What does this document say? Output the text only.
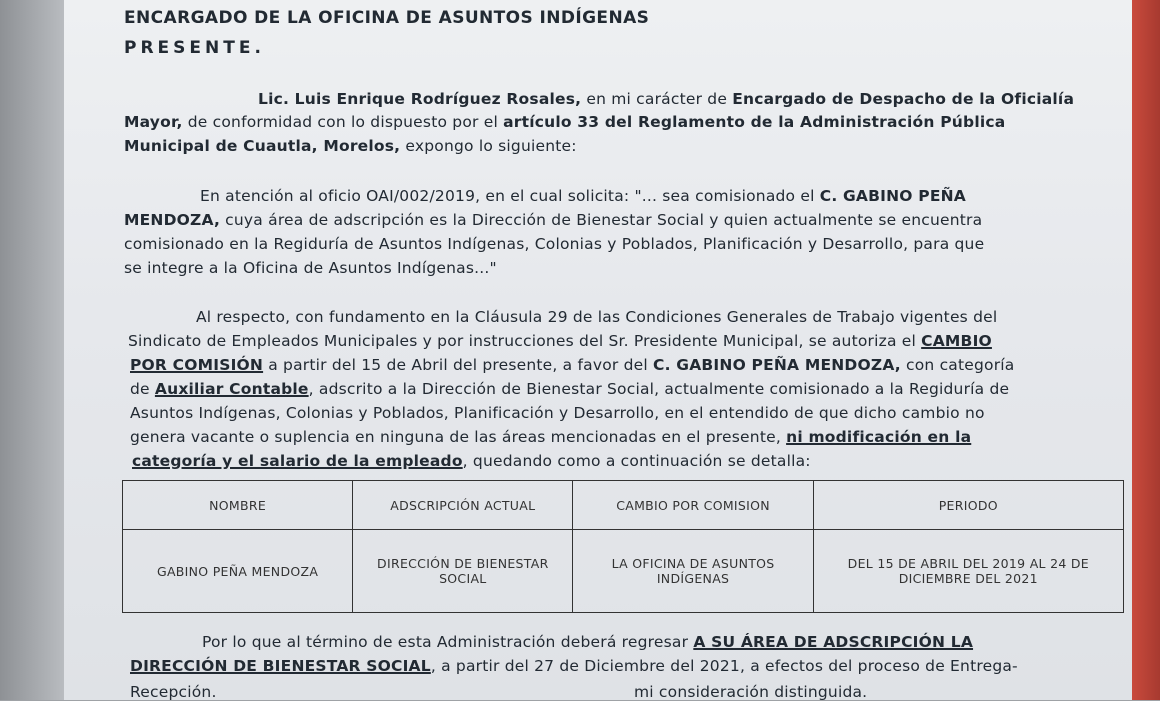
ENCARGADO DE LA OFICINA DE ASUNTOS INDÍGENAS
PRESENTE.
Lic. Luis Enrique Rodríguez Rosales, en mi carácter de Encargado de Despacho de la Oficialía
Mayor, de conformidad con lo dispuesto por el artículo 33 del Reglamento de la Administración Pública
Municipal de Cuautla, Morelos, expongo lo siguiente:
En atención al oficio OAI/002/2019, en el cual solicita: "... sea comisionado el C. GABINO PEÑA
MENDOZA, cuya área de adscripción es la Dirección de Bienestar Social y quien actualmente se encuentra
comisionado en la Regiduría de Asuntos Indígenas, Colonias y Poblados, Planificación y Desarrollo, para que
se integre a la Oficina de Asuntos Indígenas..."
Al respecto, con fundamento en la Cláusula 29 de las Condiciones Generales de Trabajo vigentes del
Sindicato de Empleados Municipales y por instrucciones del Sr. Presidente Municipal, se autoriza el CAMBIO
POR COMISIÓN a partir del 15 de Abril del presente, a favor del C. GABINO PEÑA MENDOZA, con categoría
de Auxiliar Contable, adscrito a la Dirección de Bienestar Social, actualmente comisionado a la Regiduría de
Asuntos Indígenas, Colonias y Poblados, Planificación y Desarrollo, en el entendido de que dicho cambio no
genera vacante o suplencia en ninguna de las áreas mencionadas en el presente, ni modificación en la
categoría y el salario de la empleado, quedando como a continuación se detalla:
NOMBRE	ADSCRIPCIÓN ACTUAL	CAMBIO POR COMISION	PERIODO
GABINO PEÑA MENDOZA	DIRECCIÓN DE BIENESTAR SOCIAL	LA OFICINA DE ASUNTOS INDÍGENAS	DEL 15 DE ABRIL DEL 2019 AL 24 DE DICIEMBRE DEL 2021
Por lo que al término de esta Administración deberá regresar A SU ÁREA DE ADSCRIPCIÓN LA
DIRECCIÓN DE BIENESTAR SOCIAL, a partir del 27 de Diciembre del 2021, a efectos del proceso de Entrega-
Recepción.	mi consideración distinguida.
